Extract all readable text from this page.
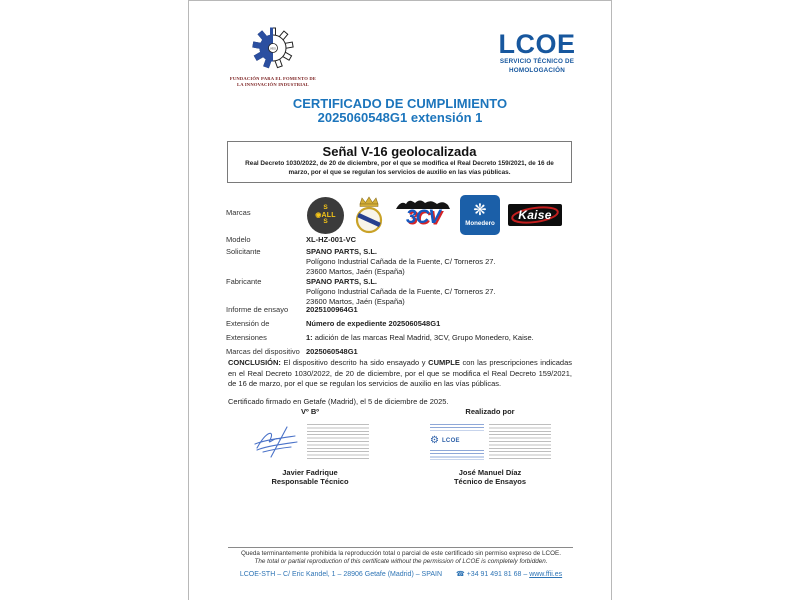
FIII
FUNDACIÓN PARA EL FOMENTO DE
LA INNOVACIÓN INDUSTRIAL
LCOE
SERVICIO TÉCNICO DE
HOMOLOGACIÓN
CERTIFICADO DE CUMPLIMIENTO
2025060548G1 extensión 1
Señal V-16 geolocalizada
Real Decreto 1030/2022, de 20 de diciembre, por el que se modifica el Real Decreto 159/2021, de 16 de marzo, por el que se regulan los servicios de auxilio en las vías públicas.
Marcas
S
◉ALL
S	3CV	❋
Monedero
Kaise
Modelo	XL-HZ-001-VC
Solicitante	SPANO PARTS, S.L.
Polígono Industrial Cañada de la Fuente, C/ Torneros 27.
23600 Martos, Jaén (España)
Fabricante	SPANO PARTS, S.L.
Polígono Industrial Cañada de la Fuente, C/ Torneros 27.
23600 Martos, Jaén (España)
Informe de ensayo 2025100964G1
Extensión de	Número de expediente 2025060548G1
Extensiones	1: adición de las marcas Real Madrid, 3CV, Grupo Monedero, Kaise.
Marcas del dispositivo 2025060548G1
CONCLUSIÓN: El dispositivo descrito ha sido ensayado y CUMPLE con las prescripciones indicadas en el Real Decreto 1030/2022, de 20 de diciembre, por el que se modifica el Real Decreto 159/2021, de 16 de marzo, por el que se regulan los servicios de auxilio en las vías públicas.
Certificado firmado en Getafe (Madrid), el 5 de diciembre de 2025.
Vº Bº
Javier Fadrique
Responsable Técnico
Realizado por
⚙ LCOE
José Manuel Díaz
Técnico de Ensayos
Queda terminantemente prohibida la reproducción total o parcial de este certificado sin permiso expreso de LCOE.
The total or partial reproduction of this certificate without the permission of LCOE is completely forbidden.
LCOE-STH – C/ Eric Kandel, 1 – 28906 Getafe (Madrid) – SPAIN ☎ +34 91 491 81 68 – www.ffii.es
